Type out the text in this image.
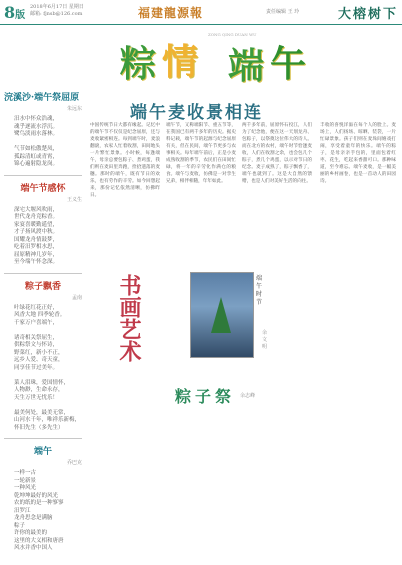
8版
2018年6月17日 星期日
邮箱: fjnsb@126.com	福建龍源報	责任编辑 王 玲	大榕树下
粽 情 端 午
ZONG QING DUAN WU
浣溪沙·端午祭屈原
朱远东
汨水中怀众浩魂，
魂乎逐流水浮沉。
鹭鸟淡雨水落林。

气节如松傲楚凤，
孤踪清虹或青霄，
锦心遍射隐龙岗。
端午节感怀
王义生
深宅大堰风吹雨，
世代龙舟竞粽香。
家宴喜暖勤遥望，
才子扬风渡中秋。
国耀龙舟情鼓梦，
吃着汨罗相水思，
屈原精神几岁年，
至今端午怀念深。
粽子飘香
孟南
叶绿花红花正好，
风香大地 四季轮香。
千家万户喜端午，

诸奇相关祭屈生，
供粽祭文与怀诗，
野菜红，新小不正，
远乡人爱、奇天童，
同享佳节过美年。

菜人泪珠，爱国情怀，
人物渺，生命永存，
天生万世无忧乐！

最美何处，最美无常，
山河水千年，唯祥乐新梅，
怀旧先生（多先生）
端午
乔巴克
一样一古
一轮新景
一种风光
乾坤坤最好的风光
农的纸的是一种寥寥
汨罗江
龙舟思念是满脑
粽子
许你的最美的
这里的大义相和唐唐
风水并香中国人
端午麦收景相连
中国传统节日大都有缘起。记忆中的端午节不仅仅是纪念屈原，还与麦收紧密相连。每到端午时，麦浪翻滚，农家人忙着收割，田间地头一片繁忙景象。小时候，每逢端午，母亲总要包粽子、煮鸡蛋，我们则在麦田里奔跑，捡拾遗落的麦穗。那时的端午，既有节日的欢乐，也有劳作的辛劳。如今回想起来，那份记忆依然清晰，仿佛昨日。
端午节，又称端阳节、重五节等，在我国已有两千多年的历史。据史料记载，端午节的起源与纪念屈原有关，但在民间，端午节更多与农事相关。每年端午前后，正是小麦成熟收割的季节，农民们在田间忙碌，将一年的辛劳化作满仓的粮食。端午与麦收，仿佛是一对孪生兄弟，相伴相随，年年如此。
两千多年前，屈原怀石投江，人们为了纪念他，便在这一天划龙舟、包粽子，以祭奠这位伟大的诗人。而在北方的农村，端午时节恰逢麦收，人们在收割之余，也会包几个粽子，煮几个鸡蛋，以示对节日的纪念。麦子成熟了，粽子飘香了，端午也就到了。这是大自然的馈赠，也是人们对美好生活的向往。
丰收的喜悦洋溢在每个人的脸上。麦场上，人们扬场、晾晒、装袋，一片忙碌景象。孩子们则在麦垛间嬉戏打闹，享受着童年的快乐。端午的粽子，是母亲亲手包的，里面包着红枣、花生，吃起来香甜可口。那种味道，至今难忘。端午麦收，是一幅美丽的乡村画卷，也是一首动人的田园诗。
书画艺术	端午时节
余文明
粽子祭 余志峰
